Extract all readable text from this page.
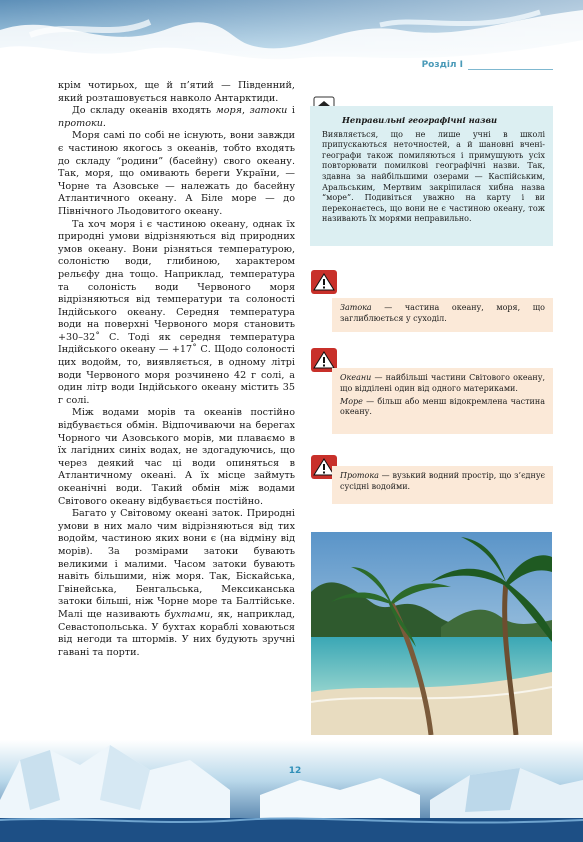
Розділ І

крім чотирьох, ще й п’ятий — Південний, який розташовується навколо Антарктиди.

До складу океанів входять моря, затоки і протоки.

Моря самі по собі не існують, вони завжди є частиною якогось з океанів, тобто входять до складу “родини” (басейну) свого океану. Так, моря, що омивають береги України, — Чорне та Азовське — належать до басейну Атлантичного океану. А Біле море — до Північного Льодовитого океану.

Та хоч моря і є частиною океану, однак їх природні умови відрізняються від природних умов океану. Вони різняться температурою, солоністю води, глибиною, характером рельєфу дна тощо. Наприклад, температура та солоність води Червоного моря відрізняються від температури та солоності Індійського океану. Середня температура води на поверхні Червоного моря становить +30–32˚ С. Тоді як середня температура Індійського океану — +17˚ С. Щодо солоності цих водойм, то, виявляється, в одному літрі води Червоного моря розчинено 42 г солі, а один літр води Індійського океану містить 35 г солі.

Між водами морів та океанів постійно відбувається обмін. Відпочиваючи на берегах Чорного чи Азовського морів, ми плаваємо в їх лагідних синіх водах, не здогадуючись, що через деякий час ці води опиняться в Атлантичному океані. А їх місце займуть океанічні води. Такий обмін між водами Світового океану відбувається постійно.

Багато у Світовому океані заток. Природні умови в них мало чим відрізняються від тих водойм, частиною яких вони є (на відміну від морів). За розмірами затоки бувають великими і малими. Часом затоки бувають навіть більшими, ніж моря. Так, Біскайська, Гвінейська, Бенгальська, Мексиканська затоки більші, ніж Чорне море та Балтійське. Малі ще називають бухтами, як, наприклад, Севастопольська. У бухтах кораблі ховаються від негоди та штормів. У них будують зручні гавані та порти.

Неправильні географічні назви
Виявляється, що не лише учні в школі припускаються неточностей, а й шановні вчені-географи також помиляються і примушують усіх повторювати помилкові географічні назви. Так, здавна за найбільшими озерами — Каспійським, Аральським, Мертвим закріпилася хибна назва “море”. Подивіться уважно на карту і ви переконаєтесь, що вони не є частиною океану, тож називають їх морями неправильно.

Затока — частина океану, моря, що заглиблюється у суходіл.

Океани — найбільші частини Світового океану, що відділені один від одного материками.

Море — більш або менш відокремлена частина океану.

Протока — вузький водний простір, що з’єднує сусідні водойми.

12
